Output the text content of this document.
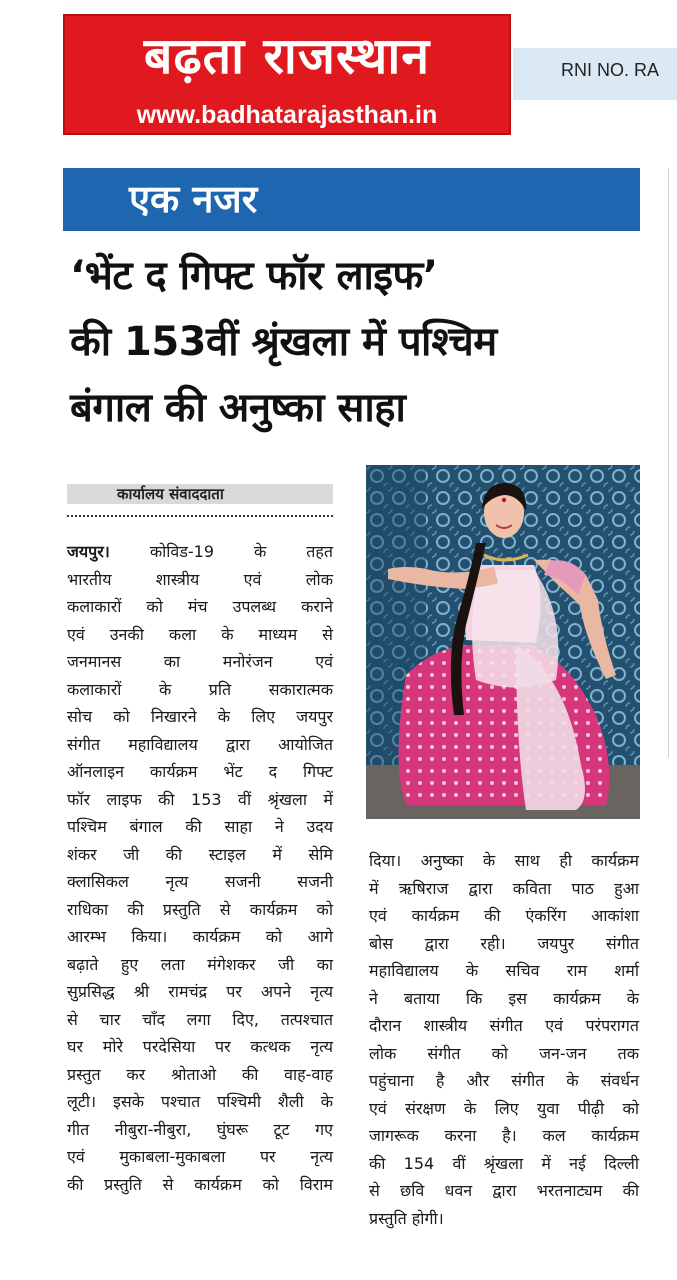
बढ़ता राजस्थान
www.badhatarajasthan.in
RNI NO. RA
एक नजर
‘भेंट द गिफ्ट फॉर लाइफ’
की 153वीं श्रृंखला में पश्चिम
बंगाल की अनुष्का साहा
कार्यालय संवाददाता
जयपुर। कोविड-19 के तहत
भारतीय शास्त्रीय एवं लोक
कलाकारों को मंच उपलब्ध कराने
एवं उनकी कला के माध्यम से
जनमानस का मनोरंजन एवं
कलाकारों के प्रति सकारात्मक
सोच को निखारने के लिए जयपुर
संगीत महाविद्यालय द्वारा आयोजित
ऑनलाइन कार्यक्रम भेंट द गिफ्ट
फॉर लाइफ की 153 वीं श्रृंखला में
पश्चिम बंगाल की साहा ने उदय
शंकर जी की स्टाइल में सेमि
क्लासिकल नृत्य सजनी सजनी
राधिका की प्रस्तुति से कार्यक्रम को
आरम्भ किया। कार्यक्रम को आगे
बढ़ाते हुए लता मंगेशकर जी का
सुप्रसिद्ध श्री रामचंद्र पर अपने नृत्य
से चार चाँद लगा दिए, तत्पश्चात
घर मोरे परदेसिया पर कत्थक नृत्य
प्रस्तुत कर श्रोताओ की वाह-वाह
लूटी। इसके पश्चात पश्चिमी शैली के
गीत नीबुरा-नीबुरा, घुंघरू टूट गए
एवं मुकाबला-मुकाबला पर नृत्य
की प्रस्तुति से कार्यक्रम को विराम
दिया। अनुष्का के साथ ही कार्यक्रम
में ऋषिराज द्वारा कविता पाठ हुआ
एवं कार्यक्रम की एंकरिंग आकांशा
बोस द्वारा रही। जयपुर संगीत
महाविद्यालय के सचिव राम शर्मा
ने बताया कि इस कार्यक्रम के
दौरान शास्त्रीय संगीत एवं परंपरागत
लोक संगीत को जन-जन तक
पहुंचाना है और संगीत के संवर्धन
एवं संरक्षण के लिए युवा पीढ़ी को
जागरूक करना है। कल कार्यक्रम
की 154 वीं श्रृंखला में नई दिल्ली
से छवि धवन द्वारा भरतनाट्यम की
प्रस्तुति होगी।
